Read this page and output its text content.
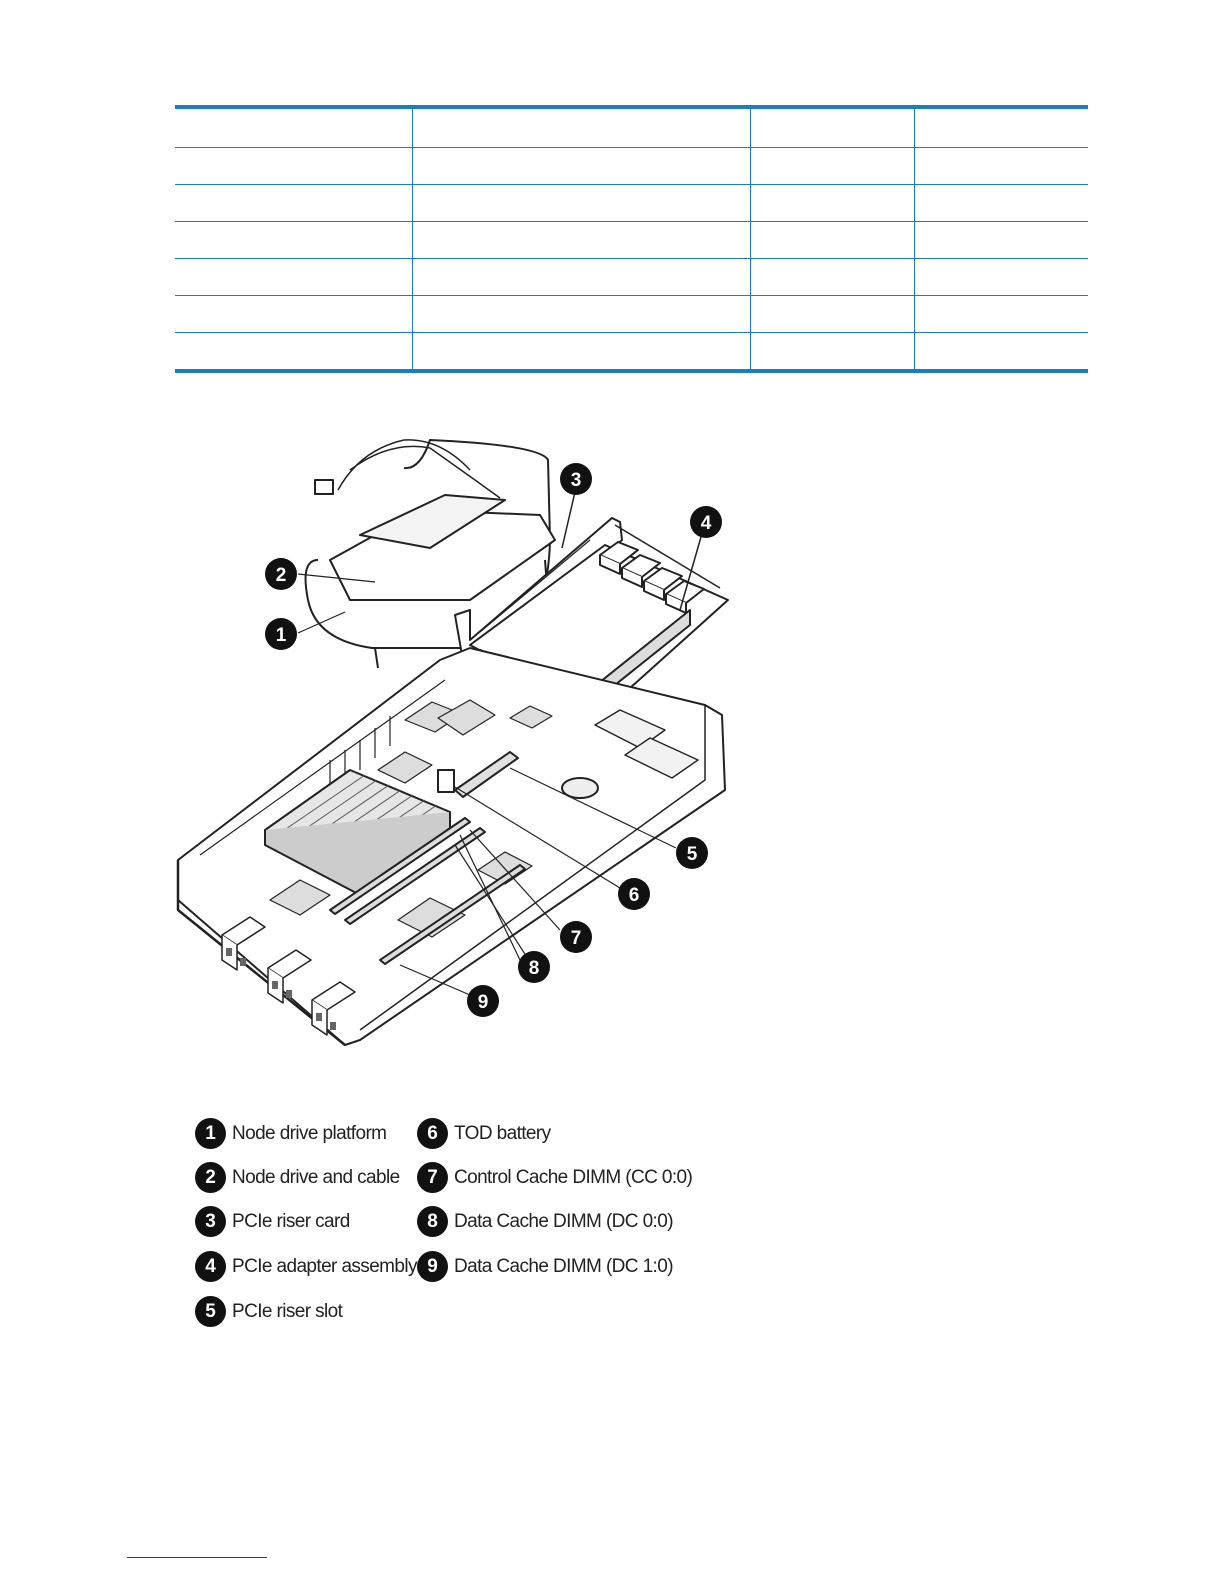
1
2
3
4
5
6
7
8
9
1 Node drive platform
2 Node drive and cable
3 PCIe riser card
4 PCIe adapter assembly
5 PCIe riser slot
6 TOD battery
7 Control Cache DIMM (CC 0:0)
8 Data Cache DIMM (DC 0:0)
9 Data Cache DIMM (DC 1:0)
